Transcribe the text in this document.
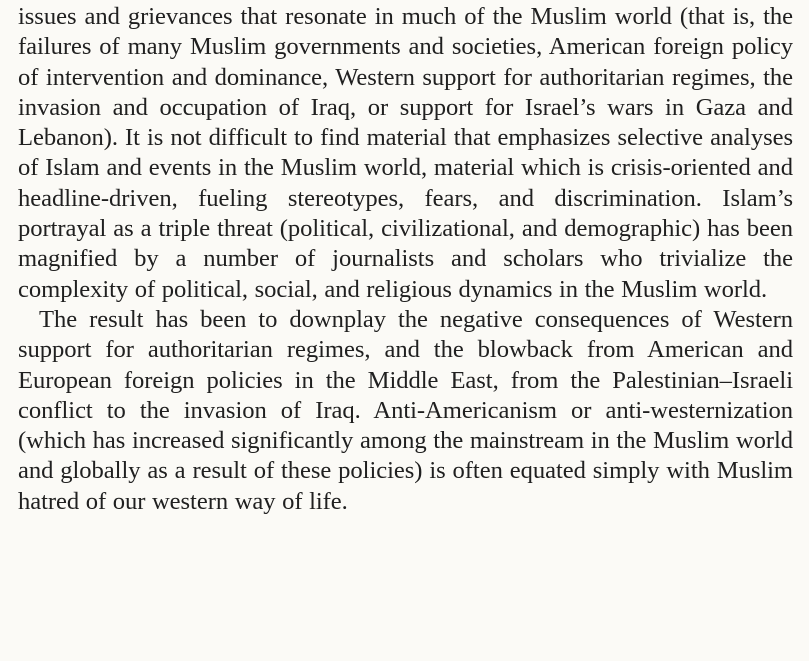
issues and grievances that resonate in much of the Muslim world (that is, the failures of many Muslim governments and societies, American foreign policy of intervention and dominance, Western support for authoritarian regimes, the invasion and occupation of Iraq, or support for Israel’s wars in Gaza and Lebanon). It is not difficult to find material that emphasizes selective analyses of Islam and events in the Muslim world, material which is crisis-oriented and headline-driven, fueling stereotypes, fears, and discrimination. Islam’s portrayal as a triple threat (political, civilizational, and demographic) has been magnified by a number of journalists and scholars who trivialize the complexity of political, social, and religious dynamics in the Muslim world.

The result has been to downplay the negative consequences of Western support for authoritarian regimes, and the blowback from American and European foreign policies in the Middle East, from the Palestinian–Israeli conflict to the invasion of Iraq. Anti-Americanism or anti-westernization (which has increased significantly among the mainstream in the Muslim world and globally as a result of these policies) is often equated simply with Muslim hatred of our western way of life.
